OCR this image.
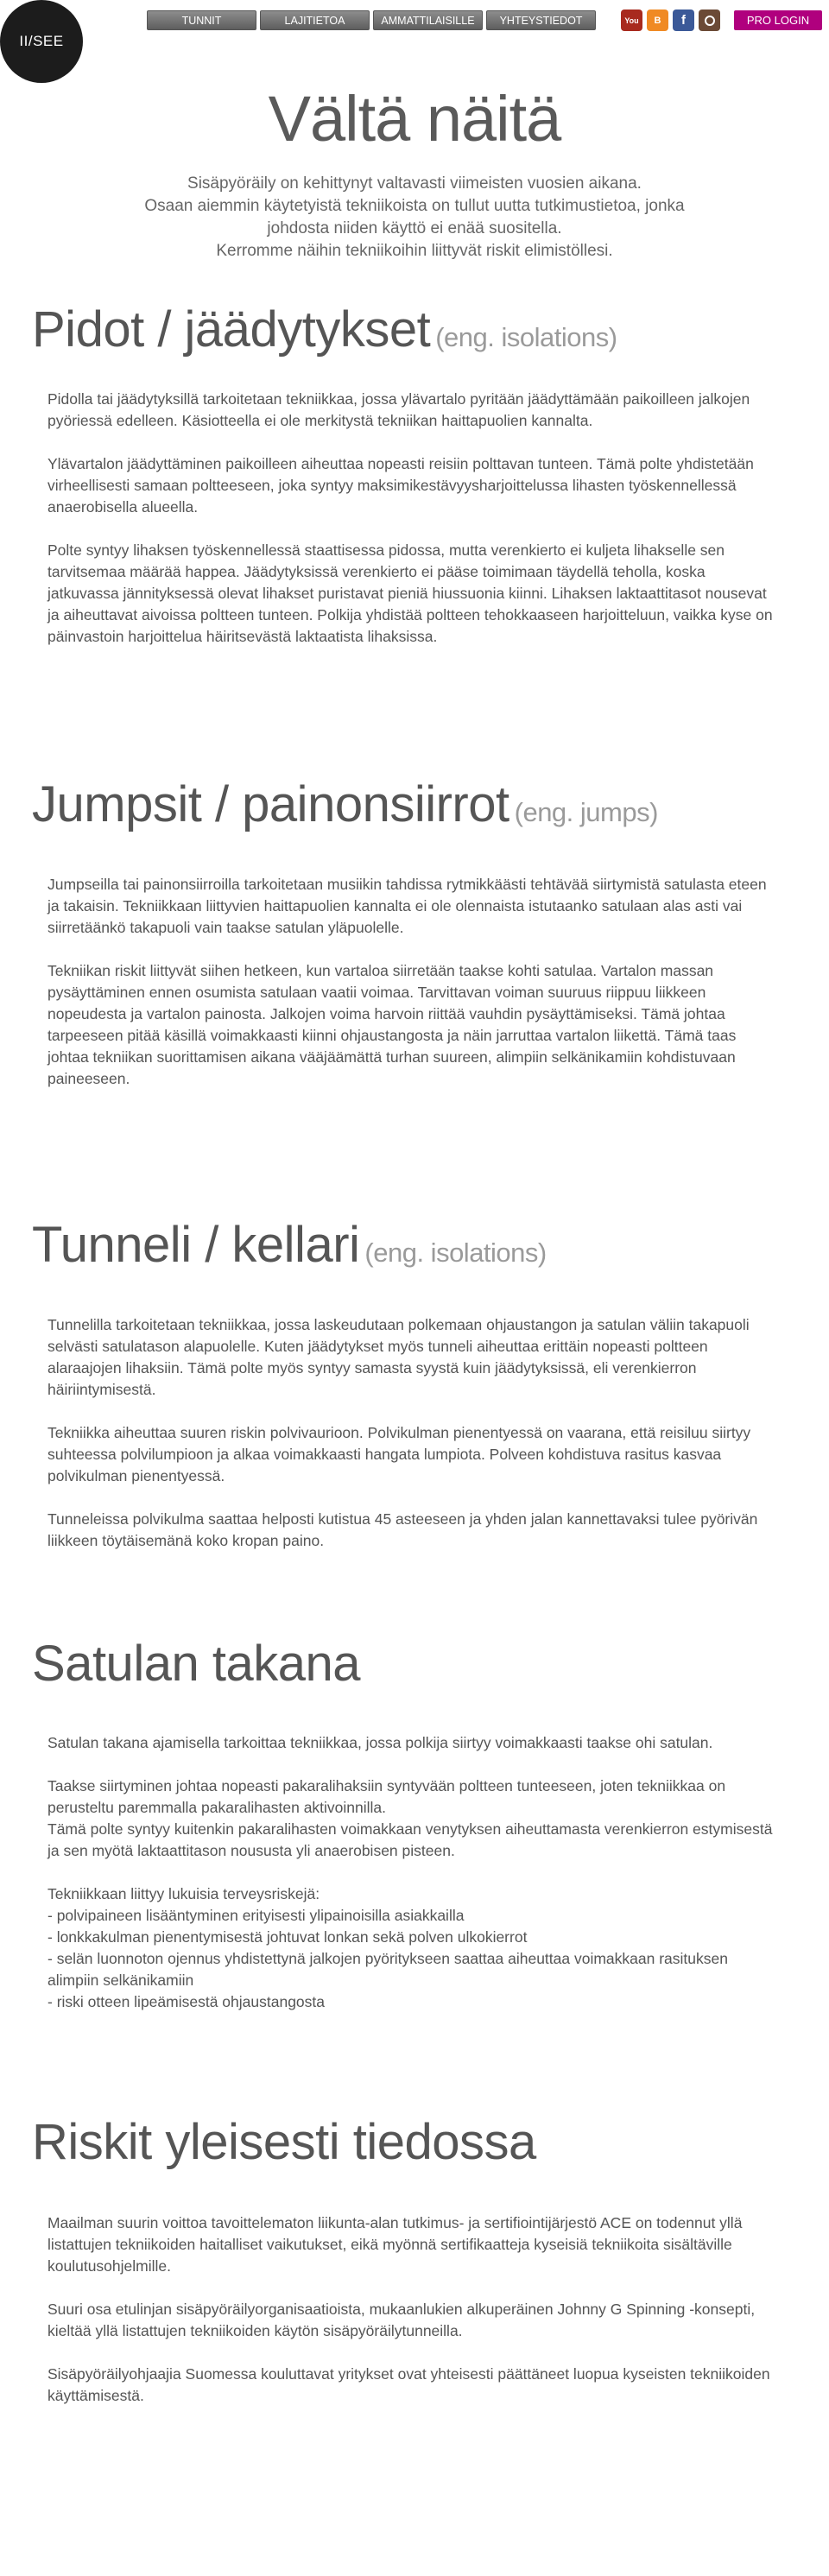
II/SEE
TUNNIT	LAJITIETOA	AMMATTILAISILLE	YHTEYSTIEDOT	You	B	f	PRO LOGIN
Vältä näitä
Sisäpyöräily on kehittynyt valtavasti viimeisten vuosien aikana.
Osaan aiemmin käytetyistä tekniikoista on tullut uutta tutkimustietoa, jonka
johdosta niiden käyttö ei enää suositella.
Kerromme näihin tekniikoihin liittyvät riskit elimistöllesi.
Pidot / jäädytykset (eng. isolations)

Pidolla tai jäädytyksillä tarkoitetaan tekniikkaa, jossa ylävartalo pyritään jäädyttämään paikoilleen jalkojen pyöriessä edelleen. Käsiotteella ei ole merkitystä tekniikan haittapuolien kannalta.

Ylävartalon jäädyttäminen paikoilleen aiheuttaa nopeasti reisiin polttavan tunteen. Tämä polte yhdistetään virheellisesti samaan poltteeseen, joka syntyy maksimikestävyysharjoittelussa lihasten työskennellessä anaerobisella alueella.

Polte syntyy lihaksen työskennellessä staattisessa pidossa, mutta verenkierto ei kuljeta lihakselle sen tarvitsemaa määrää happea. Jäädytyksissä verenkierto ei pääse toimimaan täydellä teholla, koska jatkuvassa jännityksessä olevat lihakset puristavat pieniä hiussuonia kiinni. Lihaksen laktaattitasot nousevat ja aiheuttavat aivoissa poltteen tunteen. Polkija yhdistää poltteen tehokkaaseen harjoitteluun, vaikka kyse on päinvastoin harjoittelua häiritsevästä laktaatista lihaksissa.

Jumpsit / painonsiirrot (eng. jumps)

Jumpseilla tai painonsiirroilla tarkoitetaan musiikin tahdissa rytmikkäästi tehtävää siirtymistä satulasta eteen ja takaisin. Tekniikkaan liittyvien haittapuolien kannalta ei ole olennaista istutaanko satulaan alas asti vai siirretäänkö takapuoli vain taakse satulan yläpuolelle.

Tekniikan riskit liittyvät siihen hetkeen, kun vartaloa siirretään taakse kohti satulaa. Vartalon massan pysäyttäminen ennen osumista satulaan vaatii voimaa. Tarvittavan voiman suuruus riippuu liikkeen nopeudesta ja vartalon painosta. Jalkojen voima harvoin riittää vauhdin pysäyttämiseksi. Tämä johtaa tarpeeseen pitää käsillä voimakkaasti kiinni ohjaustangosta ja näin jarruttaa vartalon liikettä. Tämä taas johtaa tekniikan suorittamisen aikana vääjäämättä turhan suureen, alimpiin selkänikamiin kohdistuvaan paineeseen.

Tunneli / kellari (eng. isolations)

Tunnelilla tarkoitetaan tekniikkaa, jossa laskeudutaan polkemaan ohjaustangon ja satulan väliin takapuoli selvästi satulatason alapuolelle. Kuten jäädytykset myös tunneli aiheuttaa erittäin nopeasti poltteen alaraajojen lihaksiin. Tämä polte myös syntyy samasta syystä kuin jäädytyksissä, eli verenkierron häiriintymisestä.

Tekniikka aiheuttaa suuren riskin polvivaurioon. Polvikulman pienentyessä on vaarana, että reisiluu siirtyy suhteessa polvilumpioon ja alkaa voimakkaasti hangata lumpiota. Polveen kohdistuva rasitus kasvaa polvikulman pienentyessä.

Tunneleissa polvikulma saattaa helposti kutistua 45 asteeseen ja yhden jalan kannettavaksi tulee pyörivän liikkeen töytäisemänä koko kropan paino.

Satulan takana

Satulan takana ajamisella tarkoittaa tekniikkaa, jossa polkija siirtyy voimakkaasti taakse ohi satulan.

Taakse siirtyminen johtaa nopeasti pakaralihaksiin syntyvään poltteen tunteeseen, joten tekniikkaa on perusteltu paremmalla pakaralihasten aktivoinnilla.

Tämä polte syntyy kuitenkin pakaralihasten voimakkaan venytyksen aiheuttamasta verenkierron estymisestä ja sen myötä laktaattitason noususta yli anaerobisen pisteen.

Tekniikkaan liittyy lukuisia terveysriskejä:

- polvipaineen lisääntyminen erityisesti ylipainoisilla asiakkailla
- lonkkakulman pienentymisestä johtuvat lonkan sekä polven ulkokierrot
- selän luonnoton ojennus yhdistettynä jalkojen pyöritykseen saattaa aiheuttaa voimakkaan rasituksen alimpiin selkänikamiin
- riski otteen lipeämisestä ohjaustangosta
Riskit yleisesti tiedossa

Maailman suurin voittoa tavoittelematon liikunta-alan tutkimus- ja sertifiointijärjestö ACE on todennut yllä listattujen tekniikoiden haitalliset vaikutukset, eikä myönnä sertifikaatteja kyseisiä tekniikoita sisältäville koulutusohjelmille.

Suuri osa etulinjan sisäpyöräilyorganisaatioista, mukaanlukien alkuperäinen Johnny G Spinning -konsepti, kieltää yllä listattujen tekniikoiden käytön sisäpyöräilytunneilla.

Sisäpyöräilyohjaajia Suomessa kouluttavat yritykset ovat yhteisesti päättäneet luopua kyseisten tekniikoiden käyttämisestä.
